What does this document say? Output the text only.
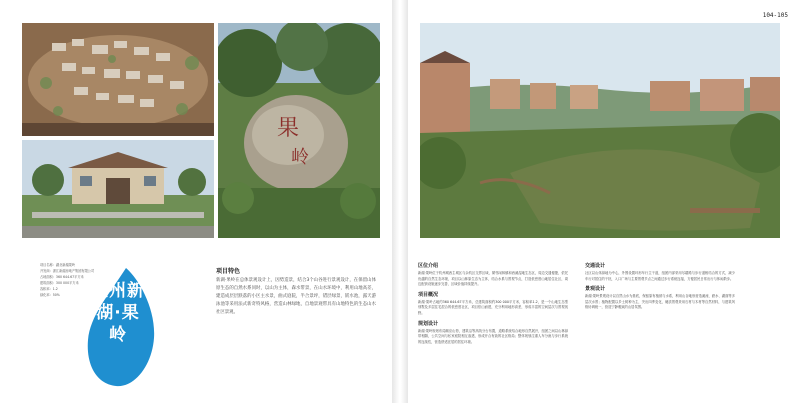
果
岭
项目名称：湖北新湖果岭
开发商：浙江新湖房地产集团有限公司
占地面积：360 644.67平方米
建筑面积：300 000平方米
容积率：1.2
绿化率：50%	杭州新
湖·果
岭
项目特色

新湖·果岭在总体景观设计上，因势造景，结合3个山谷进行景观设计，在保留山体原生态的自然水系同时，以山为主体，森水带景，在山水环境中，利用山地高差，建造成层层跌落的小区主水景，曲式庭院，半合景坪，错层绿景，嵌水池，露天游泳池等采用法式新奇特风格，营造山林绿地，自地景观带具有山地特色的生态山水社区景观。

104-105
区位介绍

新湖·果岭位于杭州城西主城区与余杭区交界区域，紧邻闲林镇和西溪湿地生态区，周边交通便捷，依托优越的自然生态环境，项目以山林原生态为主体，结合水系与景观节点，打造低密度山地居住社区，周边配套设施逐步完善，区域价值持续提升。

项目概况

新湖·果岭占地约360 644.67平方米，总建筑面积约300 000平方米，容积率1.2，是一个山地生态型别墅及多层住宅混合的低密度社区，项目依山而建，充分利用地形高差，形成丰富的空间层次与景观视野。

规划设计

新湖·果岭规划布局顺应山势，建筑沿等高线分台布置，道路系统结合地形自然展开，组团之间以山林绿带相隔，公共空间与私家庭院相互渗透，形成开合有致的社区格局；整体规划注重人车分流与步行系统的连续性，营造舒适宜居的居住环境。

交通设计

社区以山体绿地为中心，外围设置环形车行主干道，组团内部采用尽端路与步行道相结合的方式，减少车行对居住的干扰，入口广场与主要景观节点之间通过步行系统连接，方便居民日常出行与休闲散步。

景观设计

新湖·果岭景观设计以自然山水为基底，保留原有植被与水系，利用山谷地形营造溪流、跌水、湖面等多层次水景；植物配置以乡土树种为主，突出四季变化，硬质景观采用石材与木材等自然材料，与建筑风格协调统一，营造宁静雅致的山居氛围。
